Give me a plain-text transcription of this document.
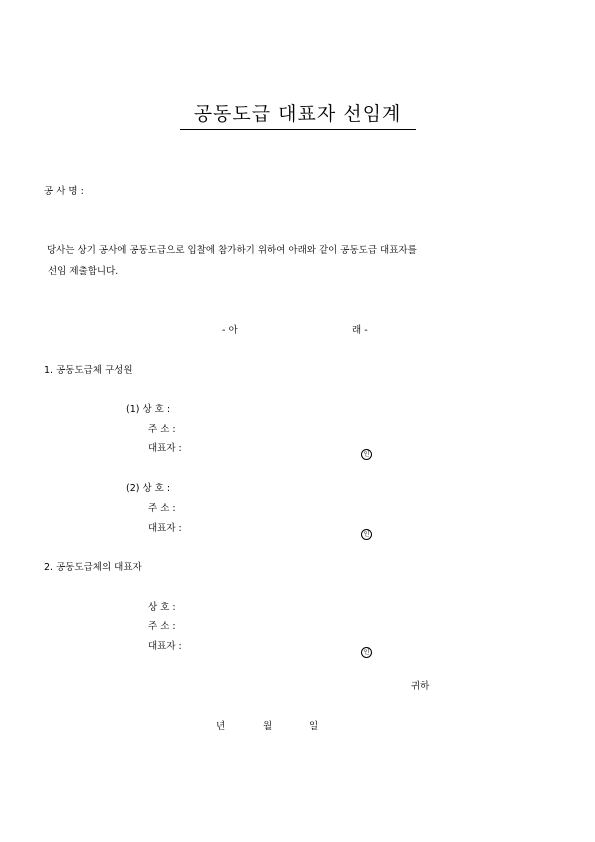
공동도급 대표자 선임계
공 사 명 :
당사는 상기 공사에 공동도급으로 입찰에 참가하기 위하여 아래와 같이 공동도급 대표자를
선임 제출합니다.
- 아	래 -
1. 공동도급체 구성원
(1) 상 호 :
주 소 :
대표자 :
인
(2) 상 호 :
주 소 :
대표자 :
인
2. 공동도급체의 대표자
상 호 :
주 소 :
대표자 :
인
귀하
년	월	일
